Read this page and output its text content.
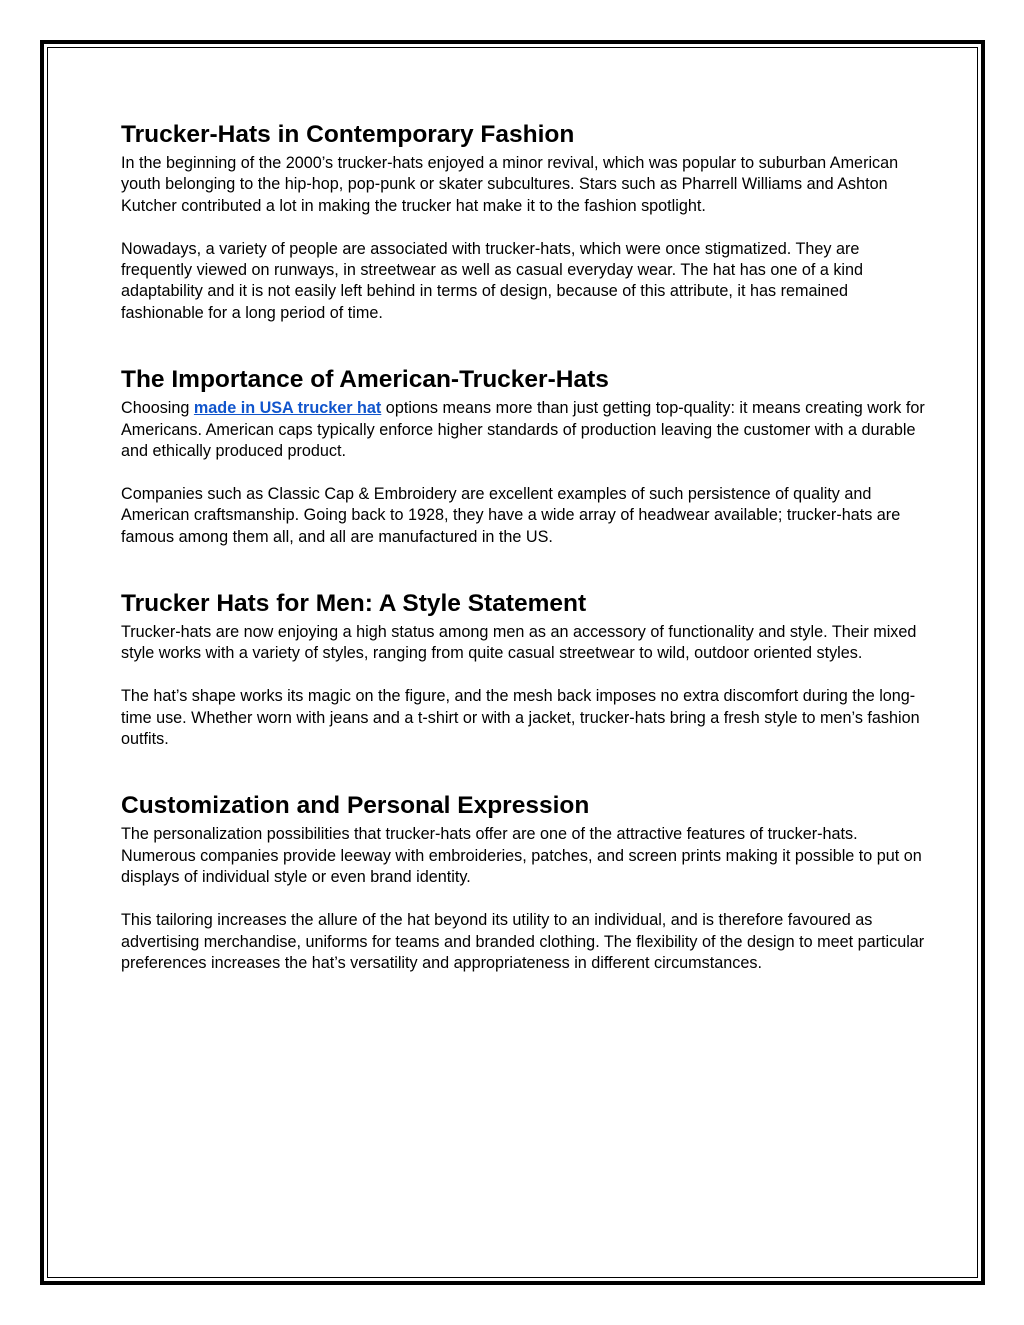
Trucker-Hats in Contemporary Fashion

In the beginning of the 2000’s trucker-hats enjoyed a minor revival, which was popular to suburban American youth belonging to the hip-hop, pop-punk or skater subcultures. Stars such as Pharrell Williams and Ashton Kutcher contributed a lot in making the trucker hat make it to the fashion spotlight.

Nowadays, a variety of people are associated with trucker-hats, which were once stigmatized. They are frequently viewed on runways, in streetwear as well as casual everyday wear. The hat has one of a kind adaptability and it is not easily left behind in terms of design, because of this attribute, it has remained fashionable for a long period of time.

The Importance of American-Trucker-Hats

Choosing made in USA trucker hat options means more than just getting top-quality: it means creating work for Americans. American caps typically enforce higher standards of production leaving the customer with a durable and ethically produced product.

Companies such as Classic Cap & Embroidery are excellent examples of such persistence of quality and American craftsmanship. Going back to 1928, they have a wide array of headwear available; trucker-hats are famous among them all, and all are manufactured in the US.

Trucker Hats for Men: A Style Statement

Trucker-hats are now enjoying a high status among men as an accessory of functionality and style. Their mixed style works with a variety of styles, ranging from quite casual streetwear to wild, outdoor oriented styles.

The hat’s shape works its magic on the figure, and the mesh back imposes no extra discomfort during the long-time use. Whether worn with jeans and a t-shirt or with a jacket, trucker-hats bring a fresh style to men’s fashion outfits.

Customization and Personal Expression

The personalization possibilities that trucker-hats offer are one of the attractive features of trucker-hats. Numerous companies provide leeway with embroideries, patches, and screen prints making it possible to put on displays of individual style or even brand identity.

This tailoring increases the allure of the hat beyond its utility to an individual, and is therefore favoured as advertising merchandise, uniforms for teams and branded clothing. The flexibility of the design to meet particular preferences increases the hat’s versatility and appropriateness in different circumstances.
